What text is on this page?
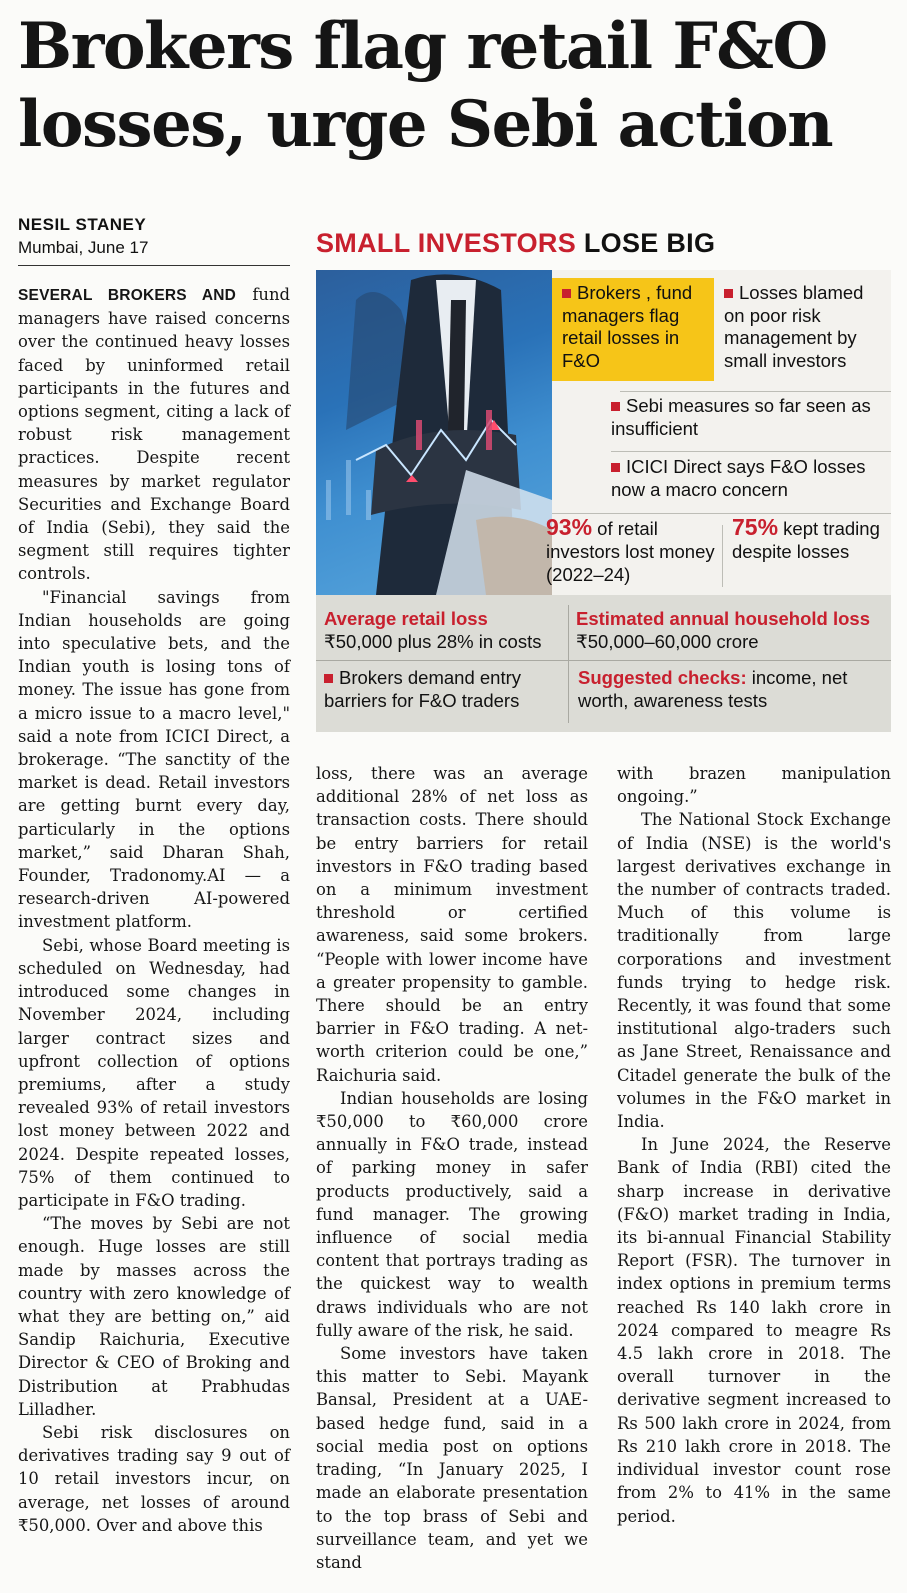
Brokers flag retail F&O losses, urge Sebi action
NESIL STANEY
Mumbai, June 17

SEVERAL BROKERS AND fund managers have raised concerns over the continued heavy losses faced by uninformed retail participants in the futures and options segment, citing a lack of robust risk management practices. Despite recent measures by market regulator Securities and Exchange Board of India (Sebi), they said the segment still requires tighter controls.

"Financial savings from Indian households are going into speculative bets, and the Indian youth is losing tons of money. The issue has gone from a micro issue to a macro level," said a note from ICICI Direct, a brokerage. “The sanctity of the market is dead. Retail investors are getting burnt every day, particularly in the options market,” said Dharan Shah, Founder, Tradonomy.AI — a research-driven AI-powered investment platform.

Sebi, whose Board meeting is scheduled on Wednesday, had introduced some changes in November 2024, including larger contract sizes and upfront collection of options premiums, after a study revealed 93% of retail investors lost money between 2022 and 2024. Despite repeated losses, 75% of them continued to participate in F&O trading.

“The moves by Sebi are not enough. Huge losses are still made by masses across the country with zero knowledge of what they are betting on,” aid Sandip Raichuria, Executive Director & CEO of Broking and Distribution at Prabhudas Lilladher.

Sebi risk disclosures on derivatives trading say 9 out of 10 retail investors incur, on average, net losses of around ₹50,000. Over and above this

SMALL INVESTORS LOSE BIG
Brokers , fund managers flag retail losses in F&O
Losses blamed on poor risk management by small investors
Sebi measures so far seen as insufficient
ICICI Direct says F&O losses now a macro concern
93% of retail investors lost money (2022–24)
75% kept trading despite losses
Average retail loss
₹50,000 plus 28% in costs
Estimated annual household loss
₹50,000–60,000 crore
Brokers demand entry barriers for F&O traders
Suggested checks: income, net worth, awareness tests

loss, there was an average additional 28% of net loss as transaction costs. There should be entry barriers for retail investors in F&O trading based on a minimum investment threshold or certified awareness, said some brokers. “People with lower income have a greater propensity to gamble. There should be an entry barrier in F&O trading. A net-worth criterion could be one,” Raichuria said.

Indian households are losing ₹50,000 to ₹60,000 crore annually in F&O trade, instead of parking money in safer products productively, said a fund manager. The growing influence of social media content that portrays trading as the quickest way to wealth draws individuals who are not fully aware of the risk, he said.

Some investors have taken this matter to Sebi. Mayank Bansal, President at a UAE-based hedge fund, said in a social media post on options trading, “In January 2025, I made an elaborate presentation to the top brass of Sebi and surveillance team, and yet we stand

with brazen manipulation ongoing.”

The National Stock Exchange of India (NSE) is the world's largest derivatives exchange in the number of contracts traded. Much of this volume is traditionally from large corporations and investment funds trying to hedge risk. Recently, it was found that some institutional algo-traders such as Jane Street, Renaissance and Citadel generate the bulk of the volumes in the F&O market in India.

In June 2024, the Reserve Bank of India (RBI) cited the sharp increase in derivative (F&O) market trading in India, its bi-annual Financial Stability Report (FSR). The turnover in index options in premium terms reached Rs 140 lakh crore in 2024 compared to meagre Rs 4.5 lakh crore in 2018. The overall turnover in the derivative segment increased to Rs 500 lakh crore in 2024, from Rs 210 lakh crore in 2018. The individual investor count rose from 2% to 41% in the same period.
